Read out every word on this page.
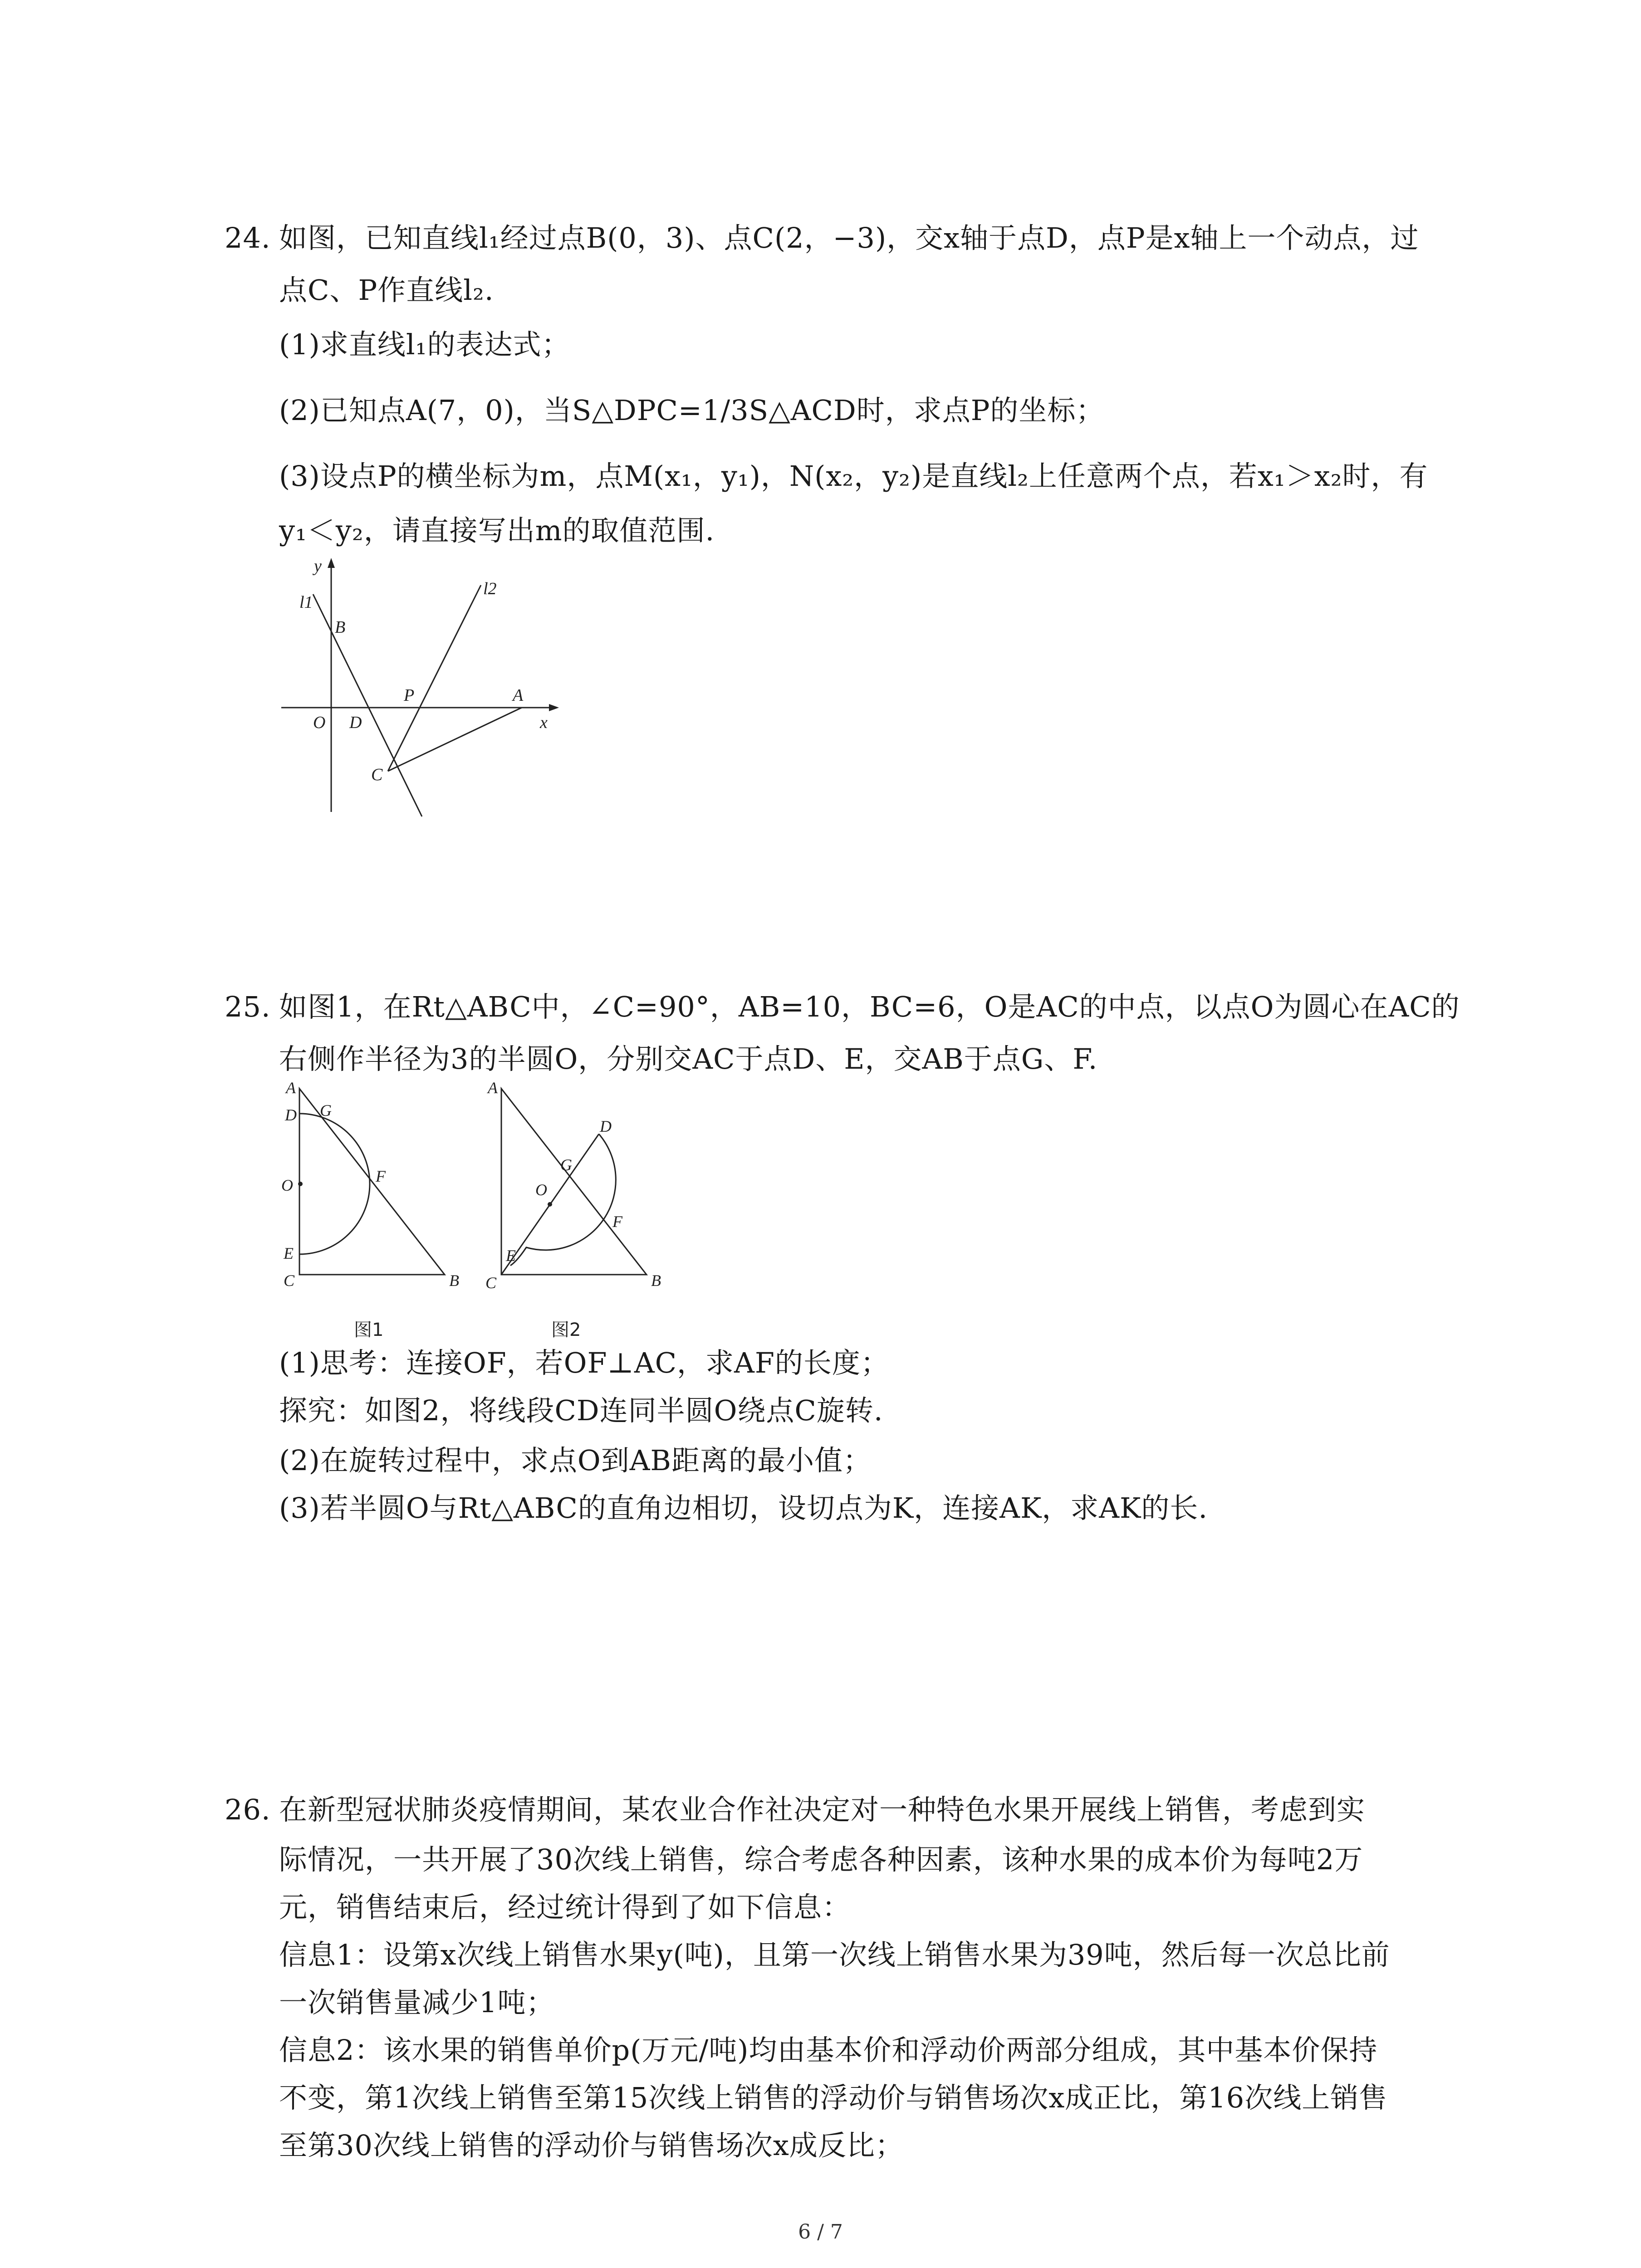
24. 如图，已知直线l₁经过点B(0，3)、点C(2，−3)，交x轴于点D，点P是x轴上一个动点，过
点C、P作直线l₂.
(1)求直线l₁的表达式；
(2)已知点A(7，0)，当S△DPC=1/3S△ACD时，求点P的坐标；
(3)设点P的横坐标为m，点M(x₁，y₁)，N(x₂，y₂)是直线l₂上任意两个点，若x₁＞x₂时，有
y₁＜y₂，请直接写出m的取值范围.
y
l1
l2
B
O D
P	A
x
C
25. 如图1，在Rt△ABC中，∠C=90°，AB=10，BC=6，O是AC的中点，以点O为圆心在AC的
右侧作半径为3的半圆O，分别交AC于点D、E，交AB于点G、F.
A
D G
O	F
E
C	B
图1
A
D
G
O
F
E
C	B
图2
(1)思考：连接OF，若OF⊥AC，求AF的长度；
探究：如图2，将线段CD连同半圆O绕点C旋转.
(2)在旋转过程中，求点O到AB距离的最小值；
(3)若半圆O与Rt△ABC的直角边相切，设切点为K，连接AK，求AK的长.
26. 在新型冠状肺炎疫情期间，某农业合作社决定对一种特色水果开展线上销售，考虑到实
际情况，一共开展了30次线上销售，综合考虑各种因素，该种水果的成本价为每吨2万
元，销售结束后，经过统计得到了如下信息：
信息1：设第x次线上销售水果y(吨)，且第一次线上销售水果为39吨，然后每一次总比前
一次销售量减少1吨；
信息2：该水果的销售单价p(万元/吨)均由基本价和浮动价两部分组成，其中基本价保持
不变，第1次线上销售至第15次线上销售的浮动价与销售场次x成正比，第16次线上销售
至第30次线上销售的浮动价与销售场次x成反比；
6 / 7
